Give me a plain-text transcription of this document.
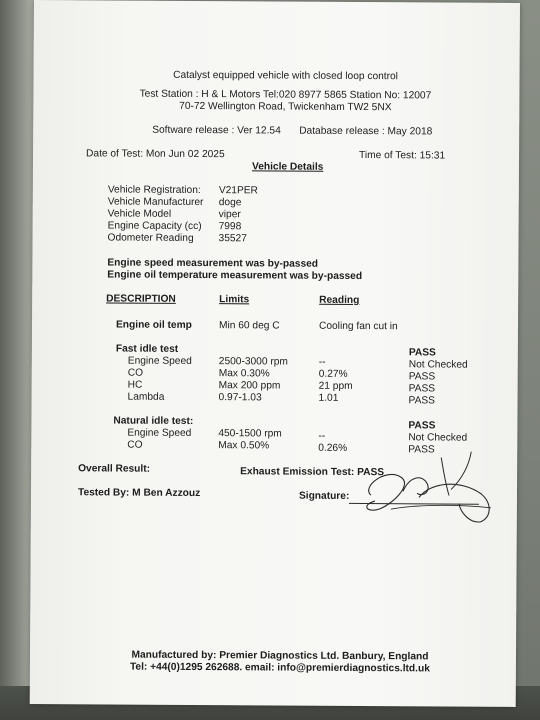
Catalyst equipped vehicle with closed loop control
Test Station : H & L Motors Tel:020 8977 5865 Station No: 12007
70-72 Wellington Road, Twickenham TW2 5NX
Software release : Ver 12.54 Database release : May 2018
Date of Test: Mon Jun 02 2025	Time of Test: 15:31
Vehicle Details
Vehicle Registration: V21PER
Vehicle Manufacturer doge
Vehicle Model	viper
Engine Capacity (cc) 7998
Odometer Reading 35527
Engine speed measurement was by-passed
Engine oil temperature measurement was by-passed
DESCRIPTION	Limits	Reading
Engine oil temp	Min 60 deg C	Cooling fan cut in
Fast idle test	PASS
Engine Speed	2500-3000 rpm	--	Not Checked
CO	Max 0.30%	0.27%	PASS
HC	Max 200 ppm	21 ppm	PASS
Lambda	0.97-1.03	1.01	PASS
Natural idle test:	PASS
Engine Speed	450-1500 rpm	--	Not Checked
CO	Max 0.50%	0.26%	PASS
Overall Result:	Exhaust Emission Test: PASS
Tested By: M Ben Azzouz	Signature:
Manufactured by: Premier Diagnostics Ltd. Banbury, England
Tel: +44(0)1295 262688. email: info@premierdiagnostics.ltd.uk
